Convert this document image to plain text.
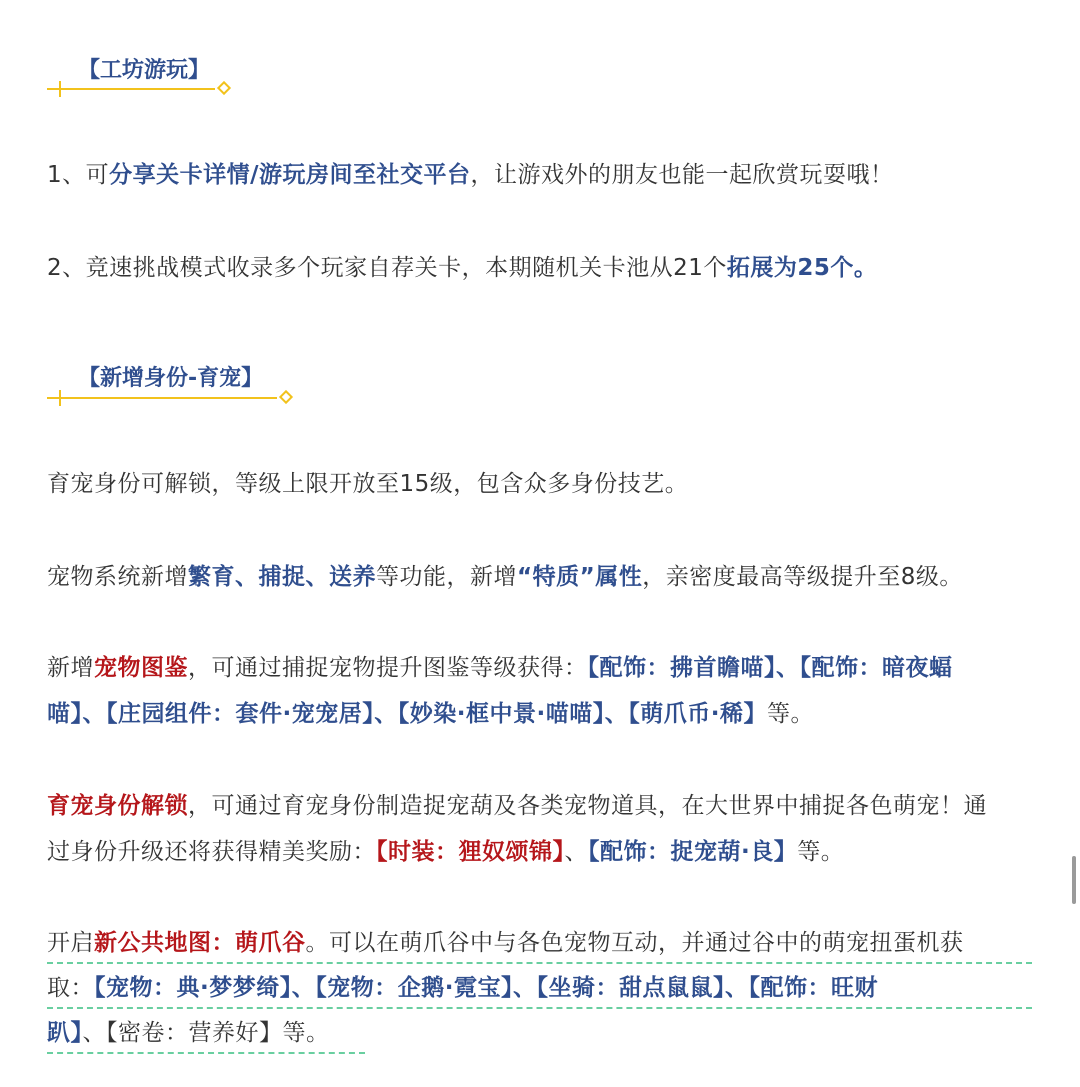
【工坊游玩】
1、可分享关卡详情/游玩房间至社交平台，让游戏外的朋友也能一起欣赏玩耍哦！
2、竞速挑战模式收录多个玩家自荐关卡，本期随机关卡池从21个拓展为25个。
【新增身份-育宠】
育宠身份可解锁，等级上限开放至15级，包含众多身份技艺。
宠物系统新增繁育、捕捉、送养等功能，新增“特质”属性，亲密度最高等级提升至8级。
新增宠物图鉴，可通过捕捉宠物提升图鉴等级获得：【配饰：拂首瞻喵】、【配饰：暗夜蝠
喵】、【庄园组件：套件·宠宠居】、【妙染·框中景·喵喵】、【萌爪币·稀】等。
育宠身份解锁，可通过育宠身份制造捉宠葫及各类宠物道具，在大世界中捕捉各色萌宠！通
过身份升级还将获得精美奖励：【时装：狸奴颂锦】、【配饰：捉宠葫·良】等。
开启新公共地图：萌爪谷。可以在萌爪谷中与各色宠物互动，并通过谷中的萌宠扭蛋机获
取：【宠物：典·梦梦绮】、【宠物：企鹅·霓宝】、【坐骑：甜点鼠鼠】、【配饰：旺财
趴】、【密卷：营养好】等。
